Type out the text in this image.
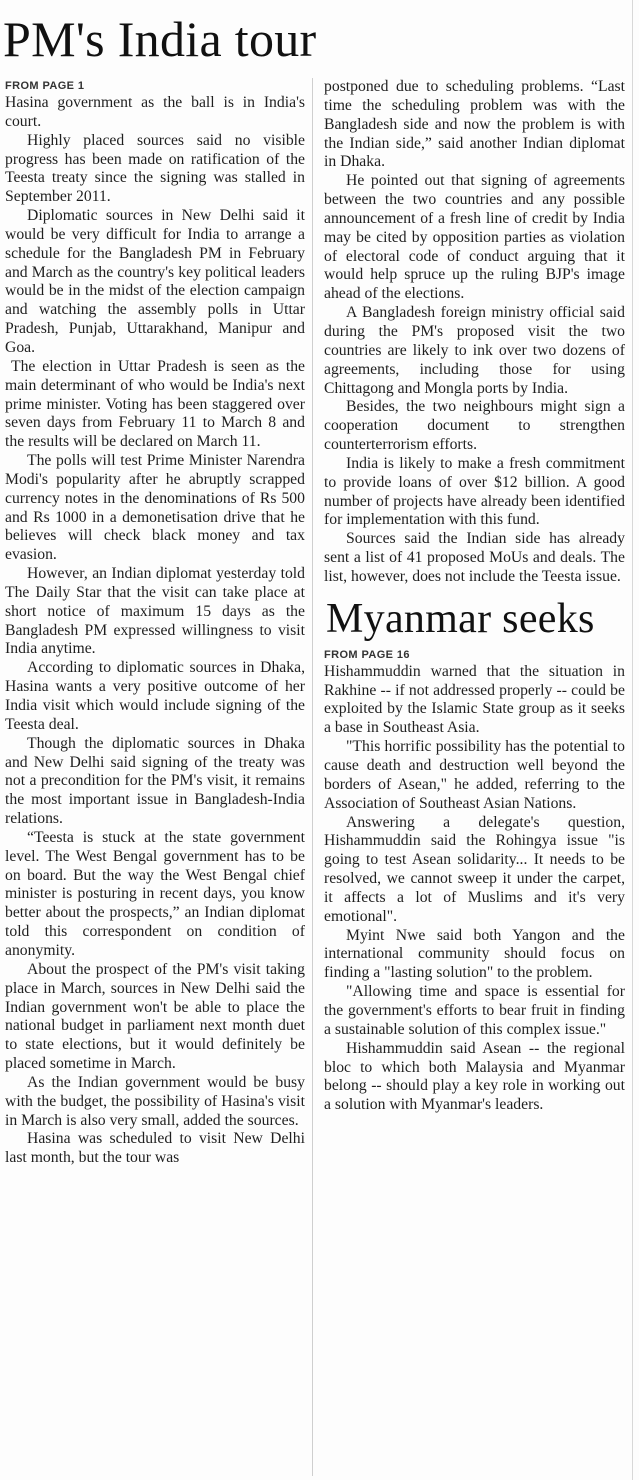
PM's India tour
FROM PAGE 1

Hasina government as the ball is in India's court.

Highly placed sources said no visible progress has been made on ratification of the Teesta treaty since the signing was stalled in September 2011.

Diplomatic sources in New Delhi said it would be very difficult for India to arrange a schedule for the Bangladesh PM in February and March as the country's key political leaders would be in the midst of the election campaign and watching the assembly polls in Uttar Pradesh, Punjab, Uttarakhand, Manipur and Goa.

The election in Uttar Pradesh is seen as the main determinant of who would be India's next prime minister. Voting has been staggered over seven days from February 11 to March 8 and the results will be declared on March 11.

The polls will test Prime Minister Narendra Modi's popularity after he abruptly scrapped currency notes in the denominations of Rs 500 and Rs 1000 in a demonetisation drive that he believes will check black money and tax evasion.

However, an Indian diplomat yesterday told The Daily Star that the visit can take place at short notice of maximum 15 days as the Bangladesh PM expressed willingness to visit India anytime.

According to diplomatic sources in Dhaka, Hasina wants a very positive outcome of her India visit which would include signing of the Teesta deal.

Though the diplomatic sources in Dhaka and New Delhi said signing of the treaty was not a precondition for the PM's visit, it remains the most important issue in Bangladesh-India relations.

“Teesta is stuck at the state government level. The West Bengal government has to be on board. But the way the West Bengal chief minister is posturing in recent days, you know better about the prospects,” an Indian diplomat told this correspondent on condition of anonymity.

About the prospect of the PM's visit taking place in March, sources in New Delhi said the Indian government won't be able to place the national budget in parliament next month duet to state elections, but it would definitely be placed sometime in March.

As the Indian government would be busy with the budget, the possibility of Hasina's visit in March is also very small, added the sources.

Hasina was scheduled to visit New Delhi last month, but the tour was

postponed due to scheduling problems. “Last time the scheduling problem was with the Bangladesh side and now the problem is with the Indian side,” said another Indian diplomat in Dhaka.

He pointed out that signing of agreements between the two countries and any possible announcement of a fresh line of credit by India may be cited by opposition parties as violation of electoral code of conduct arguing that it would help spruce up the ruling BJP's image ahead of the elections.

A Bangladesh foreign ministry official said during the PM's proposed visit the two countries are likely to ink over two dozens of agreements, including those for using Chittagong and Mongla ports by India.

Besides, the two neighbours might sign a cooperation document to strengthen counterterrorism efforts.

India is likely to make a fresh commitment to provide loans of over $12 billion. A good number of projects have already been identified for implementation with this fund.

Sources said the Indian side has already sent a list of 41 proposed MoUs and deals. The list, however, does not include the Teesta issue.

Myanmar seeks
FROM PAGE 16

Hishammuddin warned that the situation in Rakhine -- if not addressed properly -- could be exploited by the Islamic State group as it seeks a base in Southeast Asia.

"This horrific possibility has the potential to cause death and destruction well beyond the borders of Asean," he added, referring to the Association of Southeast Asian Nations.

Answering a delegate's question, Hishammuddin said the Rohingya issue "is going to test Asean solidarity... It needs to be resolved, we cannot sweep it under the carpet, it affects a lot of Muslims and it's very emotional".

Myint Nwe said both Yangon and the international community should focus on finding a "lasting solution" to the problem.

"Allowing time and space is essential for the government's efforts to bear fruit in finding a sustainable solution of this complex issue."

Hishammuddin said Asean -- the regional bloc to which both Malaysia and Myanmar belong -- should play a key role in working out a solution with Myanmar's leaders.
